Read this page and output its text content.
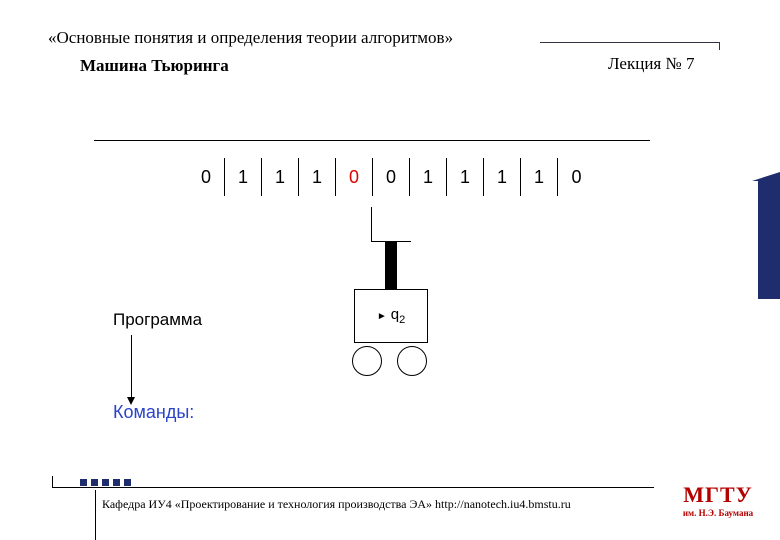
«Основные понятия и определения теории алгоритмов»
Машина Тьюринга	Лекция № 7
0	1	1	1	0	0	1	1	1	1	0
► $q_2$
Программа
Команды:
Кафедра ИУ4 «Проектирование и технология производства ЭА» http://nanotech.iu4.bmstu.ru	МГТУ
им. Н.Э. Баумана
